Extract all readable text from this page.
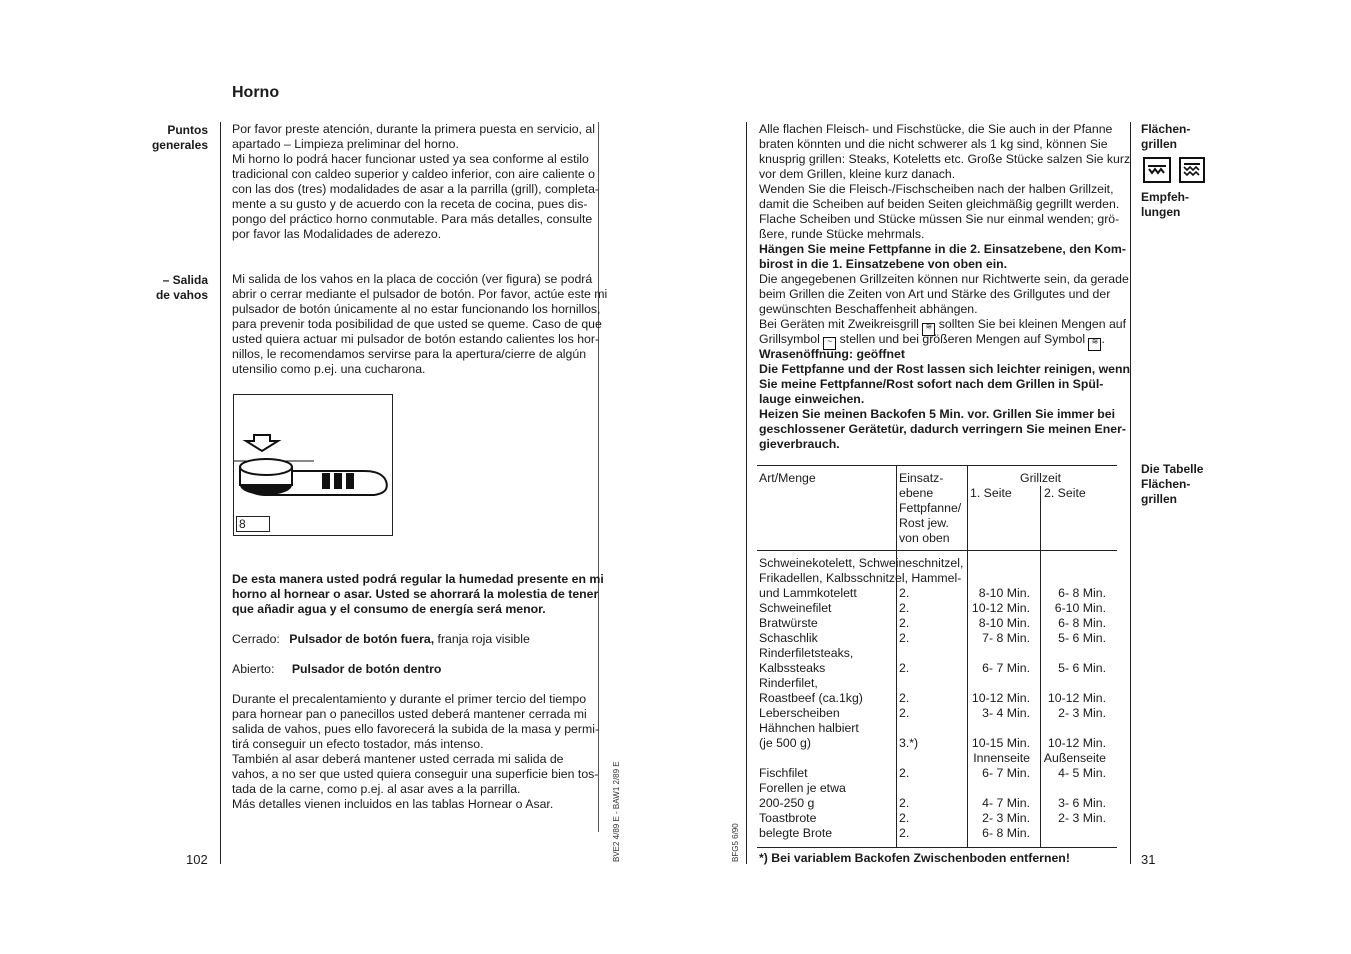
Horno
Puntos
generales
Por favor preste atención, durante la primera puesta en servicio, al
apartado – Limpieza preliminar del horno.
Mi horno lo podrá hacer funcionar usted ya sea conforme al estilo
tradicional con caldeo superior y caldeo inferior, con aire caliente o
con las dos (tres) modalidades de asar a la parrilla (grill), completa-
mente a su gusto y de acuerdo con la receta de cocina, pues dis-
pongo del práctico horno conmutable. Para más detalles, consulte
por favor las Modalidades de aderezo.
– Salida
de vahos
Mi salida de los vahos en la placa de cocción (ver figura) se podrá
abrir o cerrar mediante el pulsador de botón. Por favor, actúe este mi
pulsador de botón únicamente al no estar funcionando los hornillos,
para prevenir toda posibilidad de que usted se queme. Caso de que
usted quiera actuar mi pulsador de botón estando calientes los hor-
nillos, le recomendamos servirse para la apertura/cierre de algún
utensilio como p.ej. una cucharona.
8
De esta manera usted podrá regular la humedad presente en mi
horno al hornear o asar. Usted se ahorrará la molestia de tener
que añadir agua y el consumo de energía será menor.
Cerrado: Pulsador de botón fuera, franja roja visible
Abierto: Pulsador de botón dentro
Durante el precalentamiento y durante el primer tercio del tiempo
para hornear pan o panecillos usted deberá mantener cerrada mi
salida de vahos, pues ello favorecerá la subida de la masa y permi-
tirá conseguir un efecto tostador, más intenso.
También al asar deberá mantener usted cerrada mi salida de
vahos, a no ser que usted quiera conseguir una superficie bien tos-
tada de la carne, como p.ej. al asar aves a la parrilla.
Más detalles vienen incluidos en las tablas Hornear o Asar.
102	BVE2 4/89 E - BAW1 2/89 E	BFG5 6/90
Flächen-
grillen
Empfeh-
lungen
Die Tabelle
Flächen-
grillen
Alle flachen Fleisch- und Fischstücke, die Sie auch in der Pfanne
braten könnten und die nicht schwerer als 1 kg sind, können Sie
knusprig grillen: Steaks, Koteletts etc. Große Stücke salzen Sie kurz
vor dem Grillen, kleine kurz danach.
Wenden Sie die Fleisch-/Fischscheiben nach der halben Grillzeit,
damit die Scheiben auf beiden Seiten gleichmäßig gegrillt werden.
Flache Scheiben und Stücke müssen Sie nur einmal wenden; grö-
ßere, runde Stücke mehrmals.
Hängen Sie meine Fettpfanne in die 2. Einsatzebene, den Kom-
birost in die 1. Einsatzebene von oben ein.
Die angegebenen Grillzeiten können nur Richtwerte sein, da gerade
beim Grillen die Zeiten von Art und Stärke des Grillgutes und der
gewünschten Beschaffenheit abhängen.
Bei Geräten mit Zweikreisgrill ≋ sollten Sie bei kleinen Mengen auf
Grillsymbol ~ stellen und bei größeren Mengen auf Symbol ≋ .
Wrasenöffnung: geöffnet
Die Fettpfanne und der Rost lassen sich leichter reinigen, wenn
Sie meine Fettpfanne/Rost sofort nach dem Grillen in Spül-
lauge einweichen.
Heizen Sie meinen Backofen 5 Min. vor. Grillen Sie immer bei
geschlossener Gerätetür, dadurch verringern Sie meinen Ener-
gieverbrauch.
Art/Menge	Einsatz-
ebene
Fettpfanne/
Rost jew.
von oben
Grillzeit
1. Seite	2. Seite
Schweinekotelett, Schweineschnitzel,
Frikadellen, Kalbsschnitzel, Hammel-
und Lammkotelett	2.	8-10 Min.	6- 8 Min.
Schweinefilet	2.	10-12 Min.	6-10 Min.
Bratwürste	2.	8-10 Min.	6- 8 Min.
Schaschlik	2.	7- 8 Min.	5- 6 Min.
Rinderfiletsteaks,
Kalbssteaks	2.	6- 7 Min.	5- 6 Min.
Rinderfilet,
Roastbeef (ca.1kg)	2.	10-12 Min.	10-12 Min.
Leberscheiben	2.	3- 4 Min.	2- 3 Min.
Hähnchen halbiert
(je 500 g)	3.*)	10-15 Min.	10-12 Min.
Innenseite Außenseite
Fischfilet	2.	6- 7 Min.	4- 5 Min.
Forellen je etwa
200-250 g	2.	4- 7 Min.	3- 6 Min.
Toastbrote	2.	2- 3 Min.	2- 3 Min.
belegte Brote	2.	6- 8 Min.
*) Bei variablem Backofen Zwischenboden entfernen!	31
